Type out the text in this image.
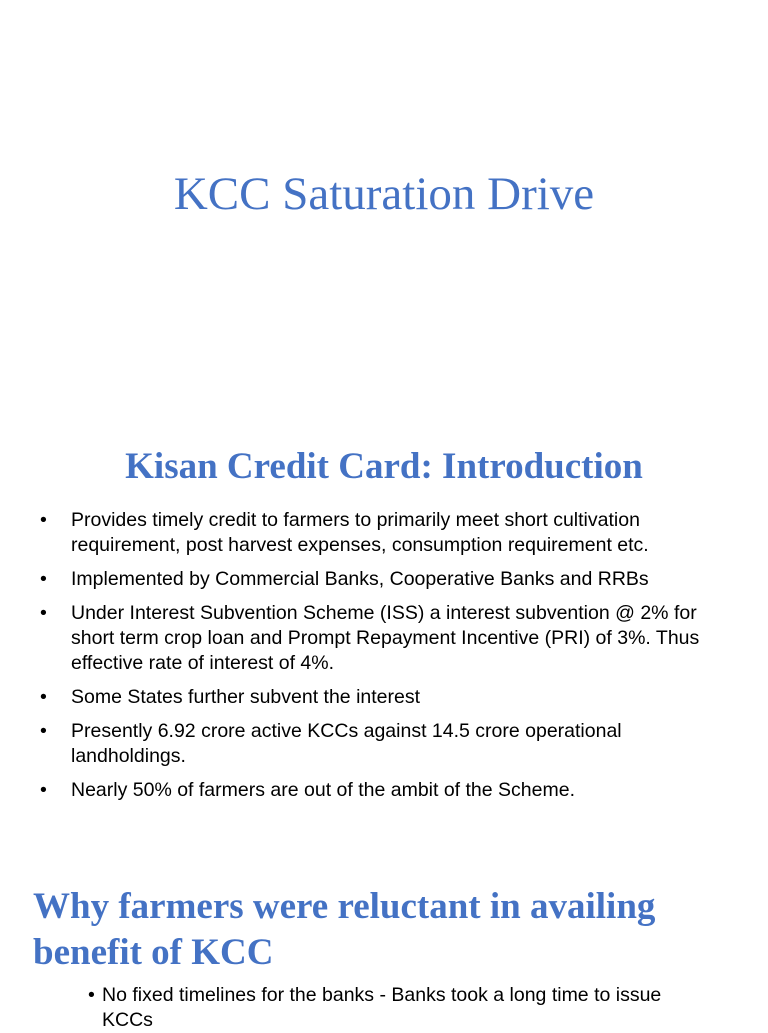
KCC Saturation Drive
Kisan Credit Card: Introduction
• Provides timely credit to farmers to primarily meet short cultivation requirement, post harvest expenses, consumption requirement etc.
• Implemented by Commercial Banks, Cooperative Banks and RRBs
• Under Interest Subvention Scheme (ISS) a interest subvention @ 2% for short term crop loan and Prompt Repayment Incentive (PRI) of 3%. Thus effective rate of interest of 4%.
• Some States further subvent the interest
• Presently 6.92 crore active KCCs against 14.5 crore operational landholdings.
• Nearly 50% of farmers are out of the ambit of the Scheme.
Why farmers were reluctant in availing benefit of KCC
• No fixed timelines for the banks - Banks took a long time to issue KCCs
